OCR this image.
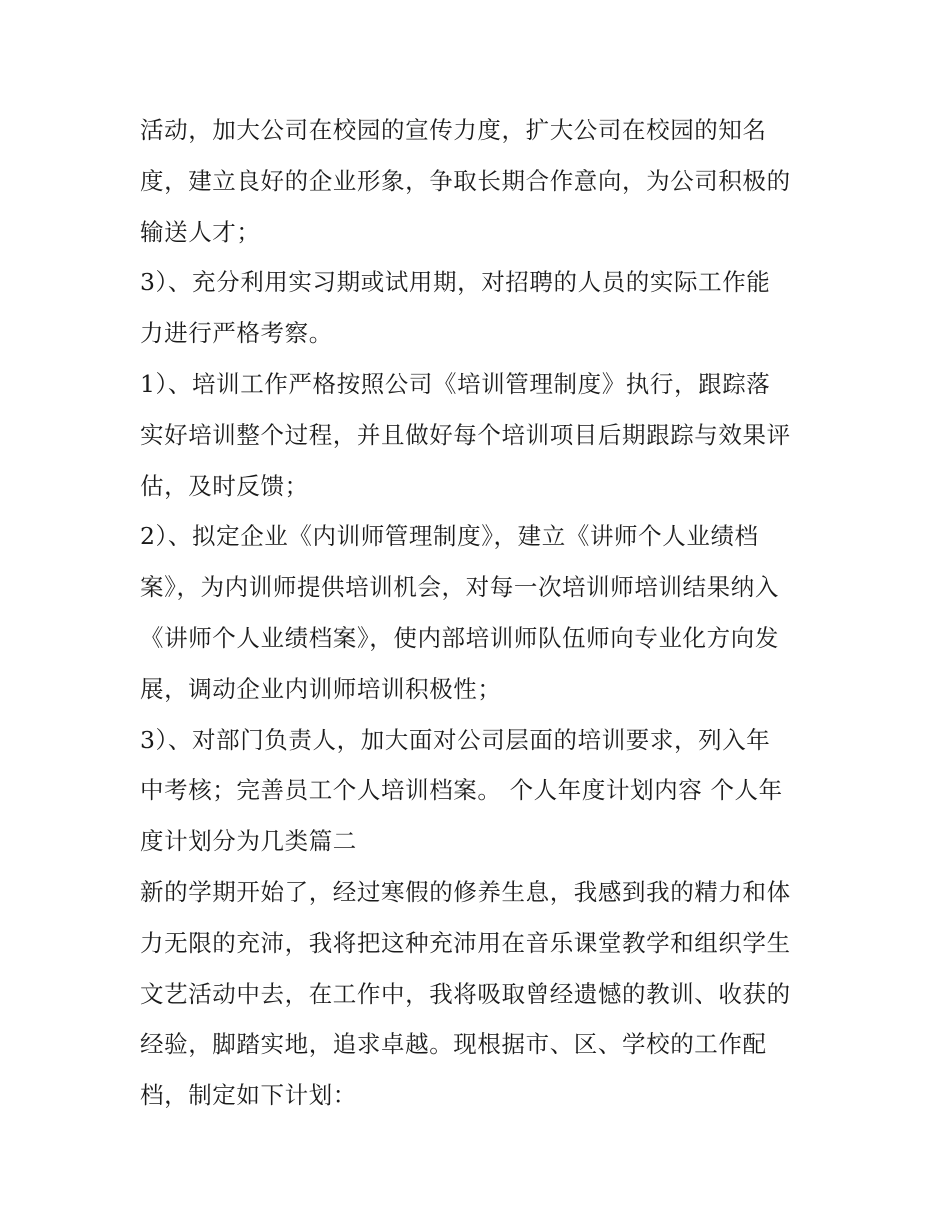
活动，加大公司在校园的宣传力度，扩大公司在校园的知名
度，建立良好的企业形象，争取长期合作意向，为公司积极的
输送人才；
3）、充分利用实习期或试用期，对招聘的人员的实际工作能
力进行严格考察。
1）、培训工作严格按照公司《培训管理制度》执行，跟踪落
实好培训整个过程，并且做好每个培训项目后期跟踪与效果评
估，及时反馈；
2）、拟定企业《内训师管理制度》，建立《讲师个人业绩档
案》，为内训师提供培训机会，对每一次培训师培训结果纳入
《讲师个人业绩档案》，使内部培训师队伍师向专业化方向发
展，调动企业内训师培训积极性；
3）、对部门负责人，加大面对公司层面的培训要求，列入年
中考核；完善员工个人培训档案。 个人年度计划内容 个人年
度计划分为几类篇二
新的学期开始了，经过寒假的修养生息，我感到我的精力和体
力无限的充沛，我将把这种充沛用在音乐课堂教学和组织学生
文艺活动中去，在工作中，我将吸取曾经遗憾的教训、收获的
经验，脚踏实地，追求卓越。现根据市、区、学校的工作配
档，制定如下计划：
